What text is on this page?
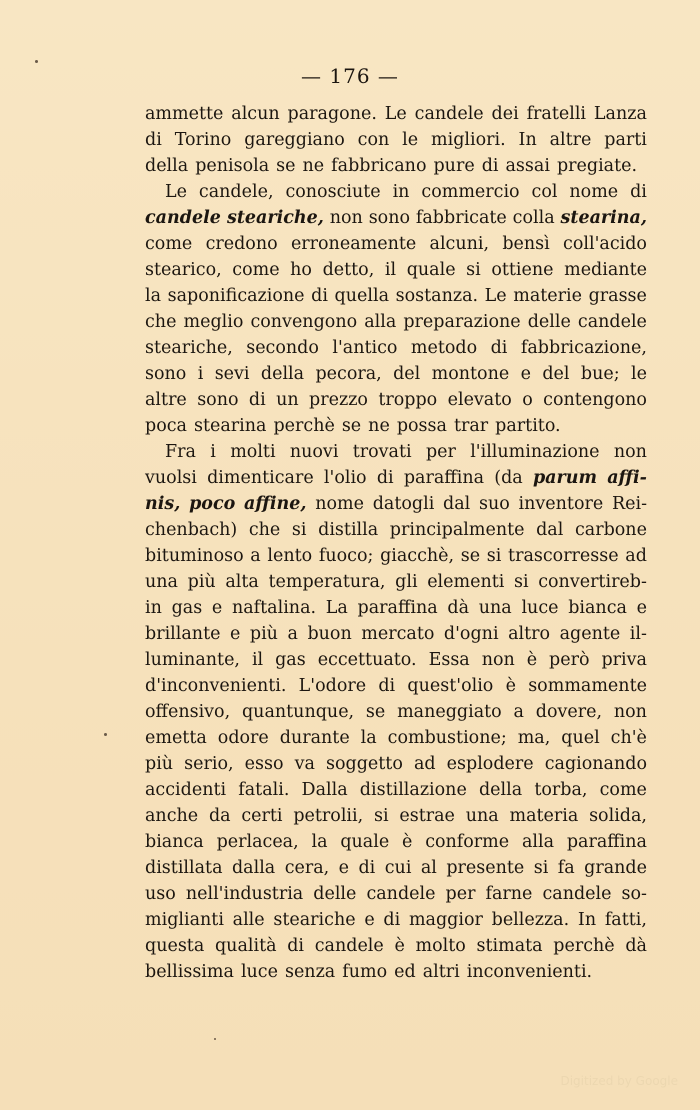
— 176 —
ammette alcun paragone. Le candele dei fratelli Lanza
di Torino gareggiano con le migliori. In altre parti
della penisola se ne fabbricano pure di assai pregiate.
Le candele, conosciute in commercio col nome di
candele steariche, non sono fabbricate colla stearina,
come credono erroneamente alcuni, bensì coll'acido
stearico, come ho detto, il quale si ottiene mediante
la saponificazione di quella sostanza. Le materie grasse
che meglio convengono alla preparazione delle candele
steariche, secondo l'antico metodo di fabbricazione,
sono i sevi della pecora, del montone e del bue; le
altre sono di un prezzo troppo elevato o contengono
poca stearina perchè se ne possa trar partito.
Fra i molti nuovi trovati per l'illuminazione non
vuolsi dimenticare l'olio di paraffina (da parum affi-
nis, poco affine, nome datogli dal suo inventore Rei-
chenbach) che si distilla principalmente dal carbone
bituminoso a lento fuoco; giacchè, se si trascorresse ad
una più alta temperatura, gli elementi si convertireb-
in gas e naftalina. La paraffina dà una luce bianca e
brillante e più a buon mercato d'ogni altro agente il-
luminante, il gas eccettuato. Essa non è però priva
d'inconvenienti. L'odore di quest'olio è sommamente
offensivo, quantunque, se maneggiato a dovere, non
emetta odore durante la combustione; ma, quel ch'è
più serio, esso va soggetto ad esplodere cagionando
accidenti fatali. Dalla distillazione della torba, come
anche da certi petrolii, si estrae una materia solida,
bianca perlacea, la quale è conforme alla paraffina
distillata dalla cera, e di cui al presente si fa grande
uso nell'industria delle candele per farne candele so-
miglianti alle steariche e di maggior bellezza. In fatti,
questa qualità di candele è molto stimata perchè dà
bellissima luce senza fumo ed altri inconvenienti.
Digitized by Google
